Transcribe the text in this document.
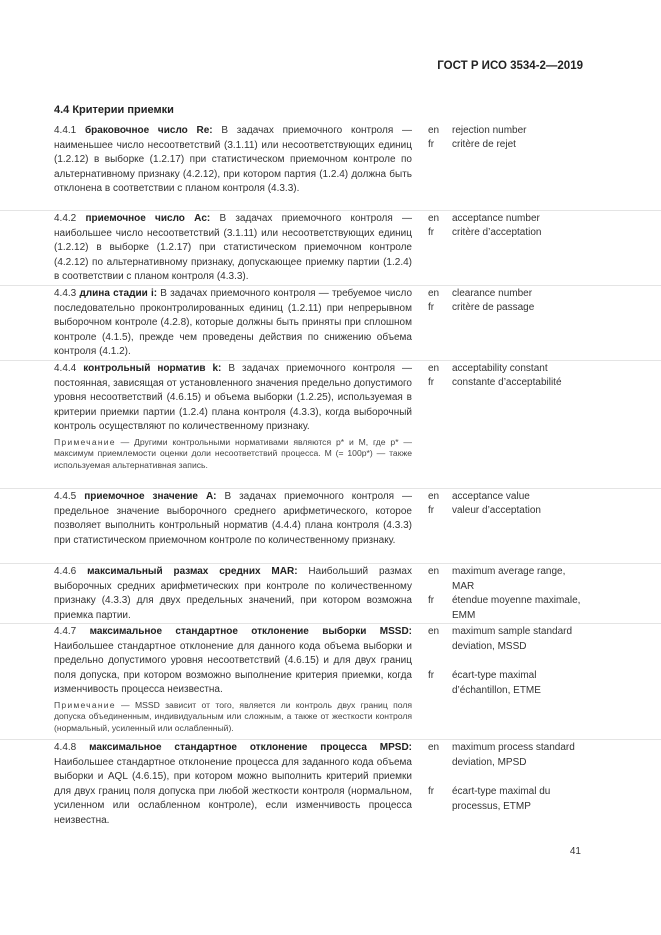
ГОСТ Р ИСО 3534-2—2019
4.4 Критерии приемки
4.4.1 браковочное число Re: В задачах приемочного контроля — наименьшее число несоответствий (3.1.11) или несоответствующих единиц (1.2.12) в выборке (1.2.17) при статистическом приемочном контроле по альтернативному признаку (4.2.12), при котором партия (1.2.4) должна быть отклонена в соответствии с планом контроля (4.3.3).
en rejection number
fr critère de rejet
4.4.2 приемочное число Ac: В задачах приемочного контроля — наибольшее число несоответствий (3.1.11) или несоответствующих единиц (1.2.12) в выборке (1.2.17) при статистическом приемочном контроле (4.2.12) по альтернативному признаку, допускающее приемку партии (1.2.4) в соответствии с планом контроля (4.3.3).
en acceptance number
fr critère d’acceptation
4.4.3 длина стадии i: В задачах приемочного контроля — требуемое число последовательно проконтролированных единиц (1.2.11) при непрерывном выборочном контроле (4.2.8), которые должны быть приняты при сплошном контроле (4.1.5), прежде чем проведены действия по снижению объема контроля (4.1.2).
en clearance number
fr critère de passage
4.4.4 контрольный норматив k: В задачах приемочного контроля — постоянная, зависящая от установленного значения предельно допустимого уровня несоответствий (4.6.15) и объема выборки (1.2.25), используемая в критерии приемки партии (1.2.4) плана контроля (4.3.3), когда выборочный контроль осуществляют по количественному признаку.
Примечание — Другими контрольными нормативами являются p* и M, где p* — максимум приемлемости оценки доли несоответствий процесса. M (= 100p*) — также используемая альтернативная запись.
en acceptability constant
fr constante d’acceptabilité
4.4.5 приемочное значение A: В задачах приемочного контроля — предельное значение выборочного среднего арифметического, которое позволяет выполнить контрольный норматив (4.4.4) плана контроля (4.3.3) при статистическом приемочном контроле по количественному признаку.
en acceptance value
fr valeur d’acceptation
4.4.6 максимальный размах средних MAR: Наибольший размах выборочных средних арифметических при контроле по количественному признаку (4.3.3) для двух предельных значений, при котором возможна приемка партии.
en maximum average range, MAR
fr étendue moyenne maximale, EMM
4.4.7 максимальное стандартное отклонение выборки MSSD: Наибольшее стандартное отклонение для данного кода объема выборки и предельно допустимого уровня несоответствий (4.6.15) и для двух границ поля допуска, при котором возможно выполнение критерия приемки, когда изменчивость процесса неизвестна.
Примечание — MSSD зависит от того, является ли контроль двух границ поля допуска объединенным, индивидуальным или сложным, а также от жесткости контроля (нормальный, усиленный или ослабленный).
en maximum sample standard deviation, MSSD
fr écart-type maximal d’échantillon, ETME
4.4.8 максимальное стандартное отклонение процесса MPSD: Наибольшее стандартное отклонение процесса для заданного кода объема выборки и AQL (4.6.15), при котором можно выполнить критерий приемки для двух границ поля допуска при любой жесткости контроля (нормальном, усиленном или ослабленном контроле), если изменчивость процесса неизвестна.
en maximum process standard deviation, MPSD
fr écart-type maximal du processus, ETMP
41
